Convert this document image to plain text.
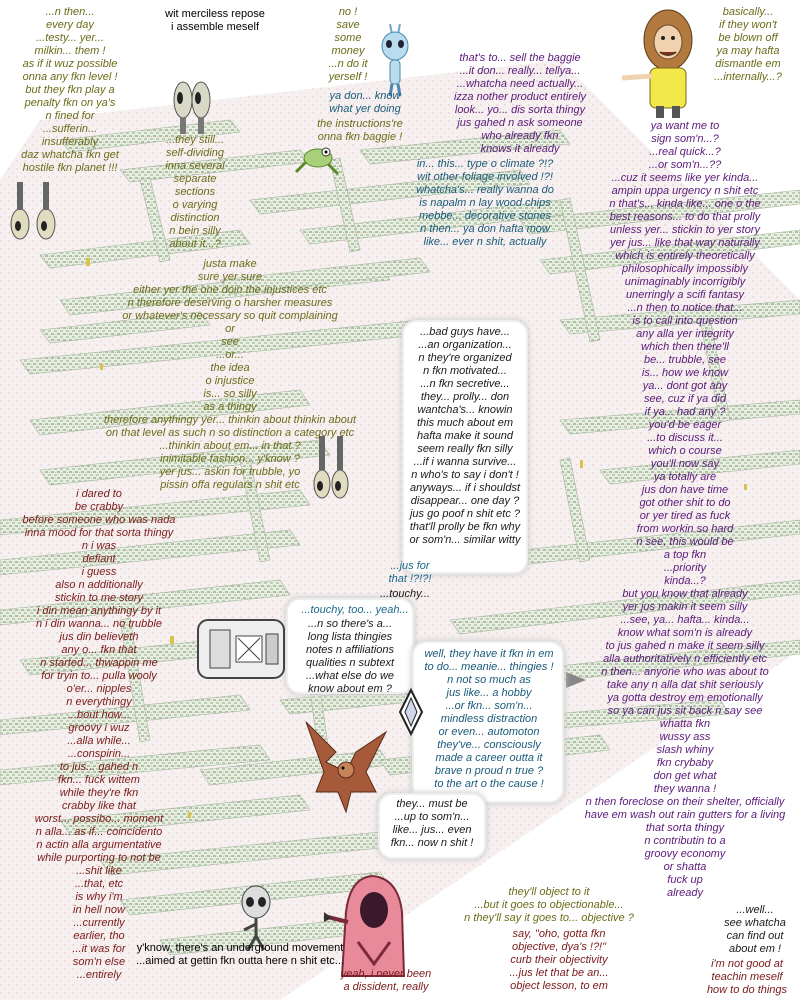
...n then...
every day
...testy... yer...
milkin... them !
as if it wuz possible
onna any fkn level !
but they fkn play a
penalty fkn on ya's
n fined for
...sufferin...
insufferably
daz whatcha fkn get
hostile fkn planet !!!
wit merciless repose
i assemble meself
no !
save
some
money
...n do it
yerself !
ya don... know
what yer doing
the instructions're
onna fkn baggie !
that's to... sell the baggie
...it don... really... tellya...
...whatcha need actually...
izza nother product entirely
look... yo... dis sorta thingy
jus gahed n ask someone
who already fkn
knows it already
basically...
if they won't
be blown off
ya may hafta
dismantle em
...internally...?
in... this... type o climate ?!?
wit other foliage involved !?!
whatcha's... really wanna do
is napalm n lay wood chips
mebbe... decorative stones
n then... ya don hafta mow
like... ever n shit, actually
...they still...
self-dividing
inna several
separate
sections
o varying
distinction
n bein silly
about it...?
ya want me to
sign som'n...?
...real quick...?
...or som'n...??
...cuz it seems like yer kinda...
ampin uppa urgency n shit etc
n that's... kinda like... one o the
best reasons... to do that prolly
unless yer... stickin to yer story
yer jus... like that way naturally
which is entirely theoretically
philosophically impossibly
unimaginably incorrigibly
unerringly a scifi fantasy
...n then to notice that...
is to call into question
any alla yer integrity
which then there'll
be... trubble, see
is... how we know
ya... dont got any
see, cuz if ya did
if ya... had any ?
you'd be eager
...to discuss it...
which o course
you'll now say
ya totally are
jus don have time
got other shit to do
or yer tired as fuck
from workin so hard
n see, this would be
a top fkn
...priority
kinda...?
but you know that already
yer jus makin it seem silly
...see, ya... hafta... kinda...
know what som'n is already
to jus gahed n make it seem silly
alla authoritatively n efficiently etc
n then... anyone who was about to
take any n alla dat shit seriously
ya gotta destroy em emotionally
so ya can jus sit back n say see
whatta fkn
wussy ass
slash whiny
fkn crybaby
don get what
they wanna !
n then foreclose on their shelter, officially
have em wash out rain gutters for a living
that sorta thingy
n contributin to a
groovy economy
or shatta
fuck up
already
justa make
sure yer sure
either yer the one doin the injustices etc
n therefore deserving o harsher measures
or whatever's necessary so quit complaining
or
see
...or...
the idea
o injustice
is... so silly
as a thingy
therefore anythingy yer... thinkin about thinkin about
on that level as such n so distinction a category etc
...thinkin about em... in that ?
inimitable fashion... y'know ?
yer jus... askin for trubble, yo
pissin offa regulars n shit etc
...bad guys have...
...an organization...
n they're organized
n fkn motivated...
...n fkn secretive...
they... prolly... don
wantcha's... knowin
this much about em
hafta make it sound
seem really fkn silly
...if i wanna survive...
n who's to say i don't !
anyways... if i shouldst
disappear... one day ?
jus go poof n shit etc ?
that'll prolly be fkn why
or som'n... similar witty
...jus for
that !?!?!
...touchy...
...touchy, too... yeah...
i dared to
be crabby
before someone who was nada
inna mood for that sorta thingy
n i was
defiant
i guess
also n additionally
stickin to me story
i din mean anythingy by it
n i din wanna... no trubble
jus din believeth
any o... fkn that
n started... thwappin me
for tryin to... pulla wooly
o'er... nipples
n everythingy
...bout how...
groovy i wuz
...alla while...
...conspirin...
to jus... gahed n
fkn... fuck wittem
while they're fkn
crabby like that
worst... possibo... moment
n alla... as if... coincidento
n actin alla argumentative
while purporting to not be
...shit like
...that, etc
is why i'm
in hell now
...currently
earlier, tho
...it was for
som'n else
...entirely
...n so there's a...
long lista thingies
notes n affiliations
qualities n subtext
...what else do we
know about em ?
well, they have it fkn in em
to do... meanie... thingies !
n not so much as
jus like... a hobby
...or fkn... som'n...
mindless distraction
or even... automoton
they've... consciously
made a career outta it
brave n proud n true ?
to the art o the cause !
they... must be
...up to som'n...
like... jus... even
fkn... now n shit !
y'know, there's an underground movement
...aimed at gettin fkn outta here n shit etc...
yeah, i never been
a dissident, really
they'll object to it
...but it goes to objectionable...
n they'll say it goes to... objective ?
say, "oho, gotta fkn
objective, dya's !?!"
curb their objectivity
...jus let that be an...
object lesson, to em
...well...
see whatcha
can find out
about em !
i'm not good at
teachin meself
how to do things
